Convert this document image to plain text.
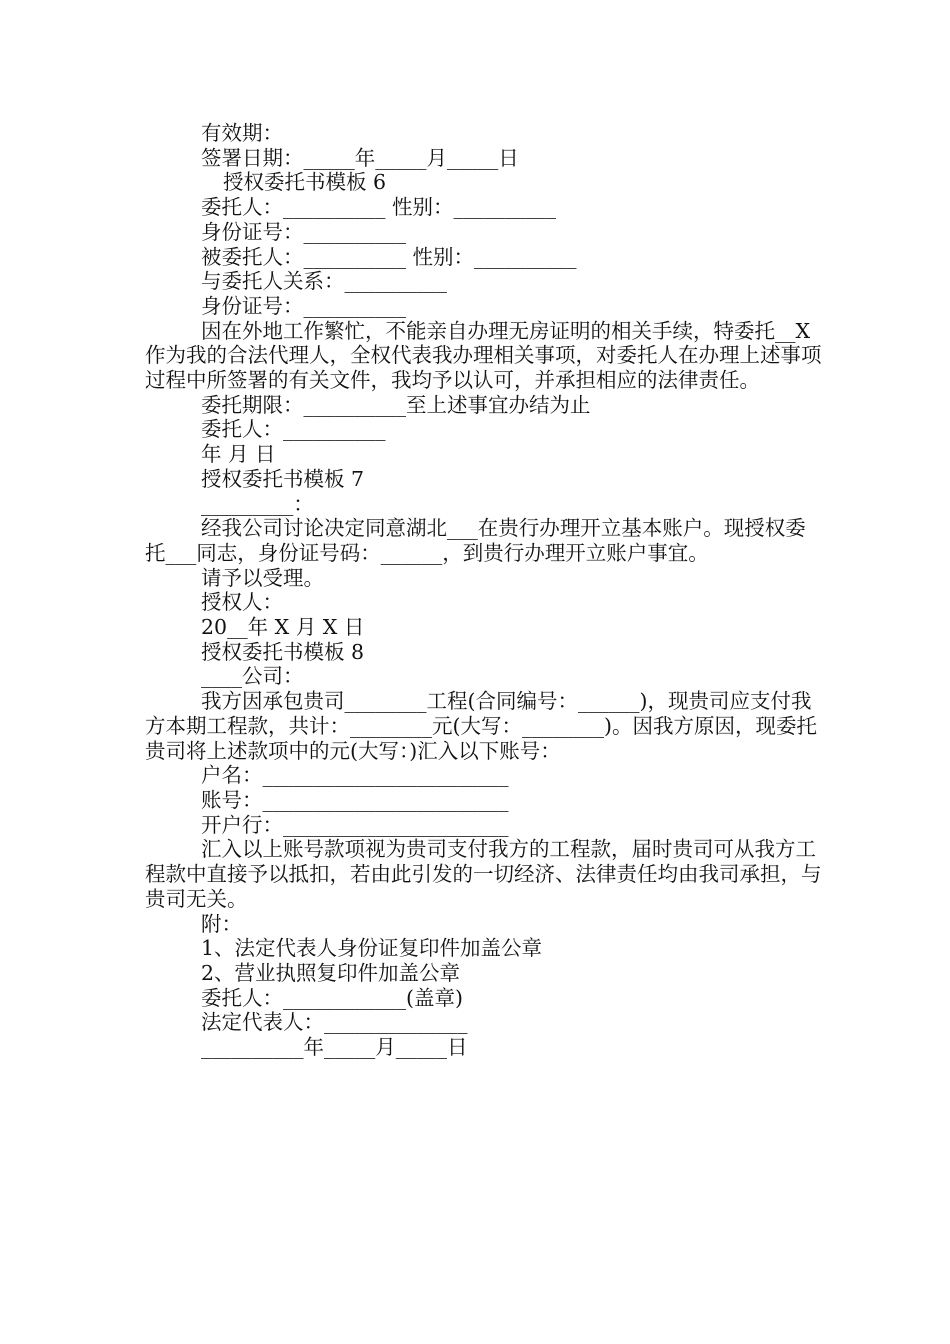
有效期：
签署日期：_____年_____月_____日
授权委托书模板 6
委托人：__________ 性别：__________
身份证号：__________
被委托人：__________ 性别：__________
与委托人关系：__________
身份证号：__________
因在外地工作繁忙，不能亲自办理无房证明的相关手续，特委托__X 作为我的合法代理人，全权代表我办理相关事项，对委托人在办理上述事项过程中所签署的有关文件，我均予以认可，并承担相应的法律责任。
委托期限：__________至上述事宜办结为止
委托人：__________
年 月 日
授权委托书模板 7
_________：
经我公司讨论决定同意湖北___在贵行办理开立基本账户。现授权委托___同志，身份证号码：______，到贵行办理开立账户事宜。
请予以受理。
授权人：
20__年 X 月 X 日
授权委托书模板 8
____公司：
我方因承包贵司________工程(合同编号：______)，现贵司应支付我方本期工程款，共计：________元(大写：________)。因我方原因，现委托贵司将上述款项中的元(大写：)汇入以下账号：
户名：________________________
账号：________________________
开户行：______________________
汇入以上账号款项视为贵司支付我方的工程款，届时贵司可从我方工程款中直接予以抵扣，若由此引发的一切经济、法律责任均由我司承担，与贵司无关。
附：
1、法定代表人身份证复印件加盖公章
2、营业执照复印件加盖公章
委托人：____________(盖章)
法定代表人：______________
__________年_____月_____日
